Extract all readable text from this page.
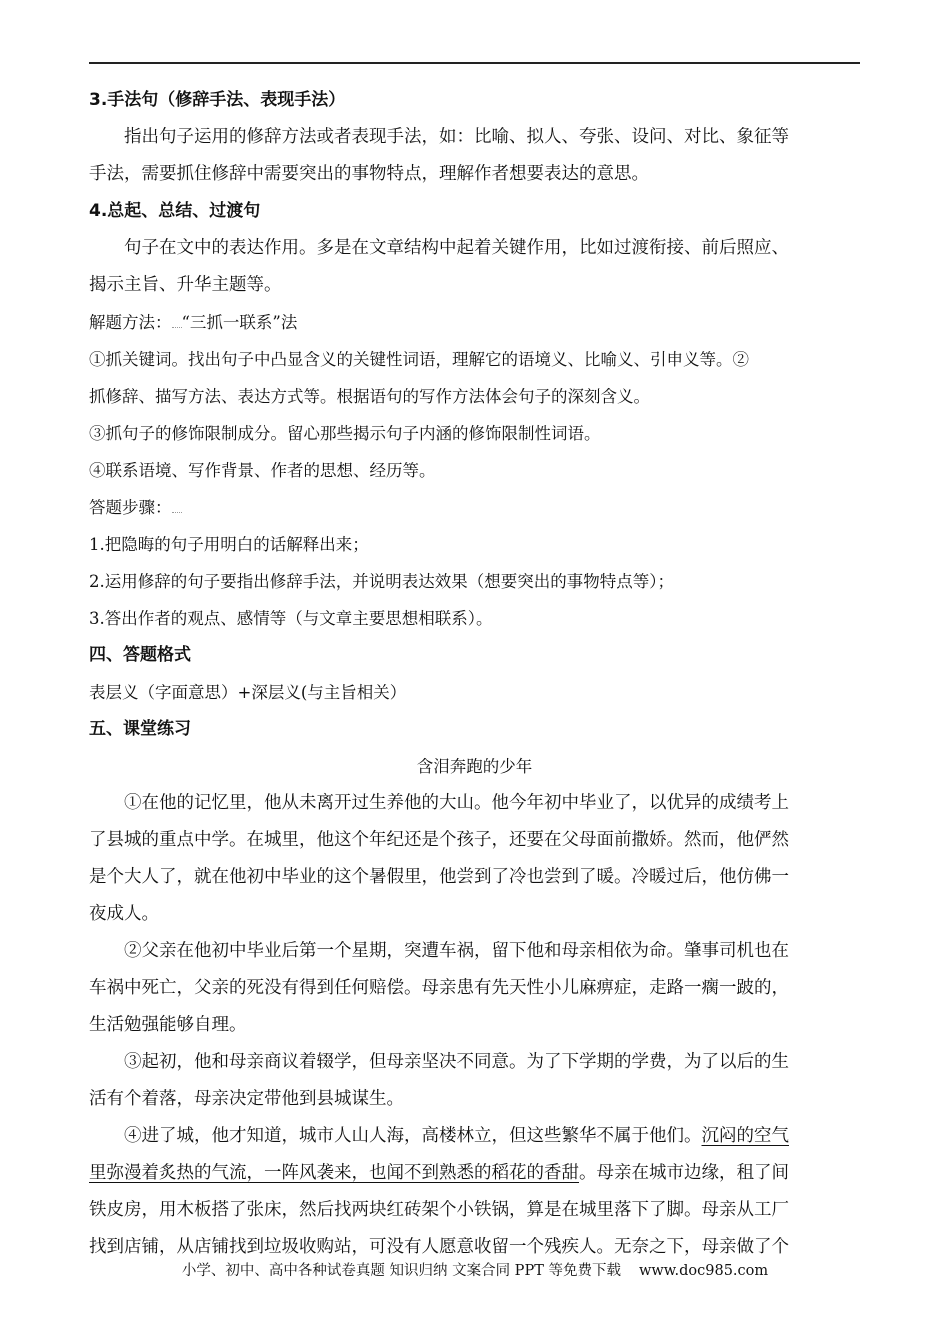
3.手法句（修辞手法、表现手法）
指出句子运用的修辞方法或者表现手法，如：比喻、拟人、夸张、设问、对比、象征等
手法，需要抓住修辞中需要突出的事物特点，理解作者想要表达的意思。
4.总起、总结、过渡句
句子在文中的表达作用。多是在文章结构中起着关键作用，比如过渡衔接、前后照应、
揭示主旨、升华主题等。
解题方法： “三抓一联系”法
①抓关键词。找出句子中凸显含义的关键性词语，理解它的语境义、比喻义、引申义等。②
抓修辞、描写方法、表达方式等。根据语句的写作方法体会句子的深刻含义。
③抓句子的修饰限制成分。留心那些揭示句子内涵的修饰限制性词语。
④联系语境、写作背景、作者的思想、经历等。
答题步骤：
1.把隐晦的句子用明白的话解释出来；
2.运用修辞的句子要指出修辞手法，并说明表达效果（想要突出的事物特点等）；
3.答出作者的观点、感情等（与文章主要思想相联系）。
四、答题格式
表层义（字面意思）+深层义(与主旨相关）
五、课堂练习
含泪奔跑的少年
①在他的记忆里，他从未离开过生养他的大山。他今年初中毕业了，以优异的成绩考上
了县城的重点中学。在城里，他这个年纪还是个孩子，还要在父母面前撒娇。然而，他俨然
是个大人了，就在他初中毕业的这个暑假里，他尝到了冷也尝到了暖。冷暖过后，他仿佛一
夜成人。
②父亲在他初中毕业后第一个星期，突遭车祸，留下他和母亲相依为命。肇事司机也在
车祸中死亡，父亲的死没有得到任何赔偿。母亲患有先天性小儿麻痹症，走路一瘸一跛的，
生活勉强能够自理。
③起初，他和母亲商议着辍学，但母亲坚决不同意。为了下学期的学费，为了以后的生
活有个着落，母亲决定带他到县城谋生。
④进了城，他才知道，城市人山人海，高楼林立，但这些繁华不属于他们。沉闷的空气
里弥漫着炙热的气流，一阵风袭来，也闻不到熟悉的稻花的香甜。母亲在城市边缘，租了间
铁皮房，用木板搭了张床，然后找两块红砖架个小铁锅，算是在城里落下了脚。母亲从工厂
找到店铺，从店铺找到垃圾收购站，可没有人愿意收留一个残疾人。无奈之下，母亲做了个
小学、初中、高中各种试卷真题 知识归纳 文案合同 PPT 等免费下载 www.doc985.com
